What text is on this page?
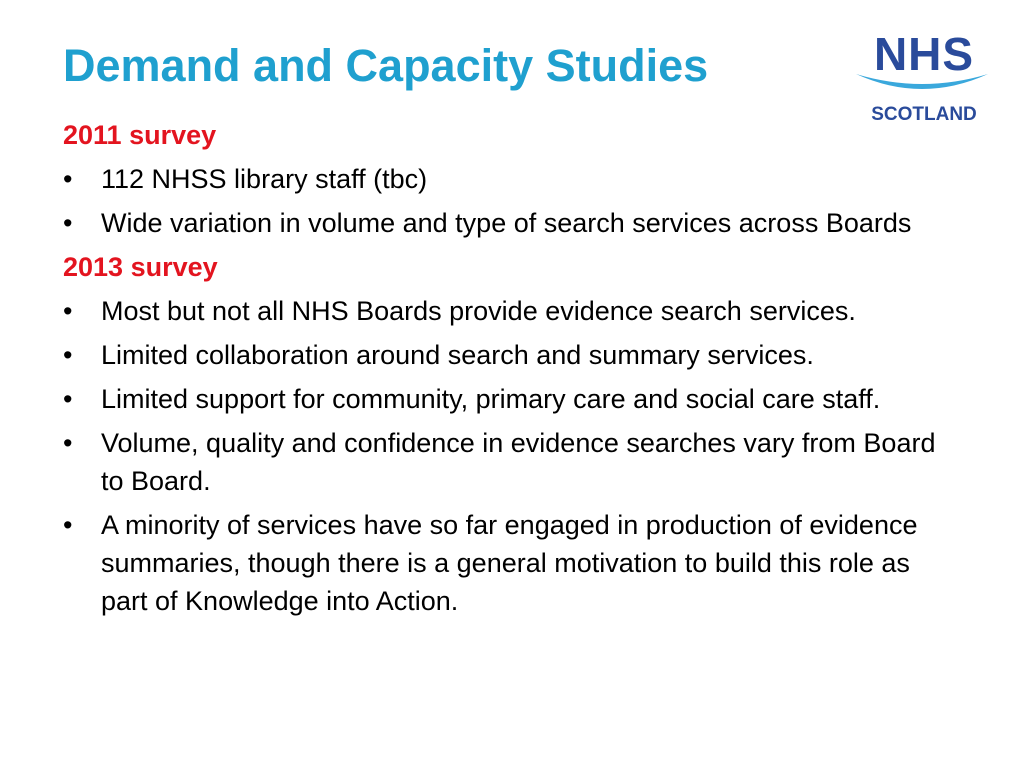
Demand and Capacity Studies	NHS
SCOTLAND
2011 survey
•	112 NHSS library staff (tbc)
•	Wide variation in volume and type of search services across Boards
2013 survey
•	Most but not all NHS Boards provide evidence search services.
•	Limited collaboration around search and summary services.
•	Limited support for community, primary care and social care staff.
•	Volume, quality and confidence in evidence searches vary from Board to Board.
•	A minority of services have so far engaged in production of evidence summaries, though there is a general motivation to build this role as part of Knowledge into Action.
